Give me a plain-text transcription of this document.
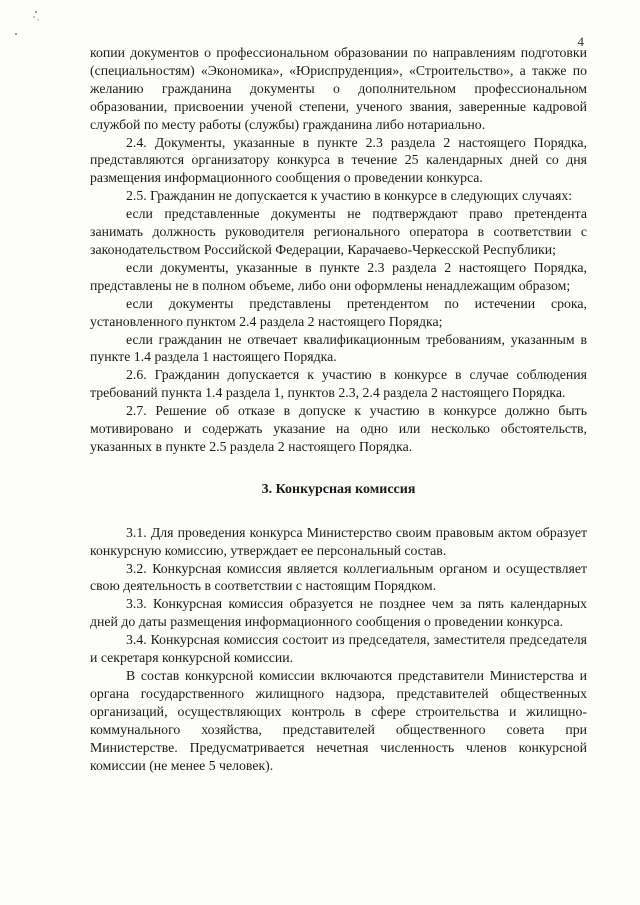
4

копии документов о профессиональном образовании по направлениям подготовки (специальностям) «Экономика», «Юриспруденция», «Строительство», а также по желанию гражданина документы о дополнительном профессиональном образовании, присвоении ученой степени, ученого звания, заверенные кадровой службой по месту работы (службы) гражданина либо нотариально.

2.4. Документы, указанные в пункте 2.3 раздела 2 настоящего Порядка, представляются организатору конкурса в течение 25 календарных дней со дня размещения информационного сообщения о проведении конкурса.

2.5. Гражданин не допускается к участию в конкурсе в следующих случаях:

если представленные документы не подтверждают право претендента занимать должность руководителя регионального оператора в соответствии с законодательством Российской Федерации, Карачаево-Черкесской Республики;

если документы, указанные в пункте 2.3 раздела 2 настоящего Порядка, представлены не в полном объеме, либо они оформлены ненадлежащим образом;

если документы представлены претендентом по истечении срока, установленного пунктом 2.4 раздела 2 настоящего Порядка;

если гражданин не отвечает квалификационным требованиям, указанным в пункте 1.4 раздела 1 настоящего Порядка.

2.6. Гражданин допускается к участию в конкурсе в случае соблюдения требований пункта 1.4 раздела 1, пунктов 2.3, 2.4 раздела 2 настоящего Порядка.

2.7. Решение об отказе в допуске к участию в конкурсе должно быть мотивировано и содержать указание на одно или несколько обстоятельств, указанных в пункте 2.5 раздела 2 настоящего Порядка.

3. Конкурсная комиссия

3.1. Для проведения конкурса Министерство своим правовым актом образует конкурсную комиссию, утверждает ее персональный состав.

3.2. Конкурсная комиссия является коллегиальным органом и осуществляет свою деятельность в соответствии с настоящим Порядком.

3.3. Конкурсная комиссия образуется не позднее чем за пять календарных дней до даты размещения информационного сообщения о проведении конкурса.

3.4. Конкурсная комиссия состоит из председателя, заместителя председателя и секретаря конкурсной комиссии.

В состав конкурсной комиссии включаются представители Министерства и органа государственного жилищного надзора, представителей общественных организаций, осуществляющих контроль в сфере строительства и жилищно-коммунального хозяйства, представителей общественного совета при Министерстве. Предусматривается нечетная численность членов конкурсной комиссии (не менее 5 человек).
